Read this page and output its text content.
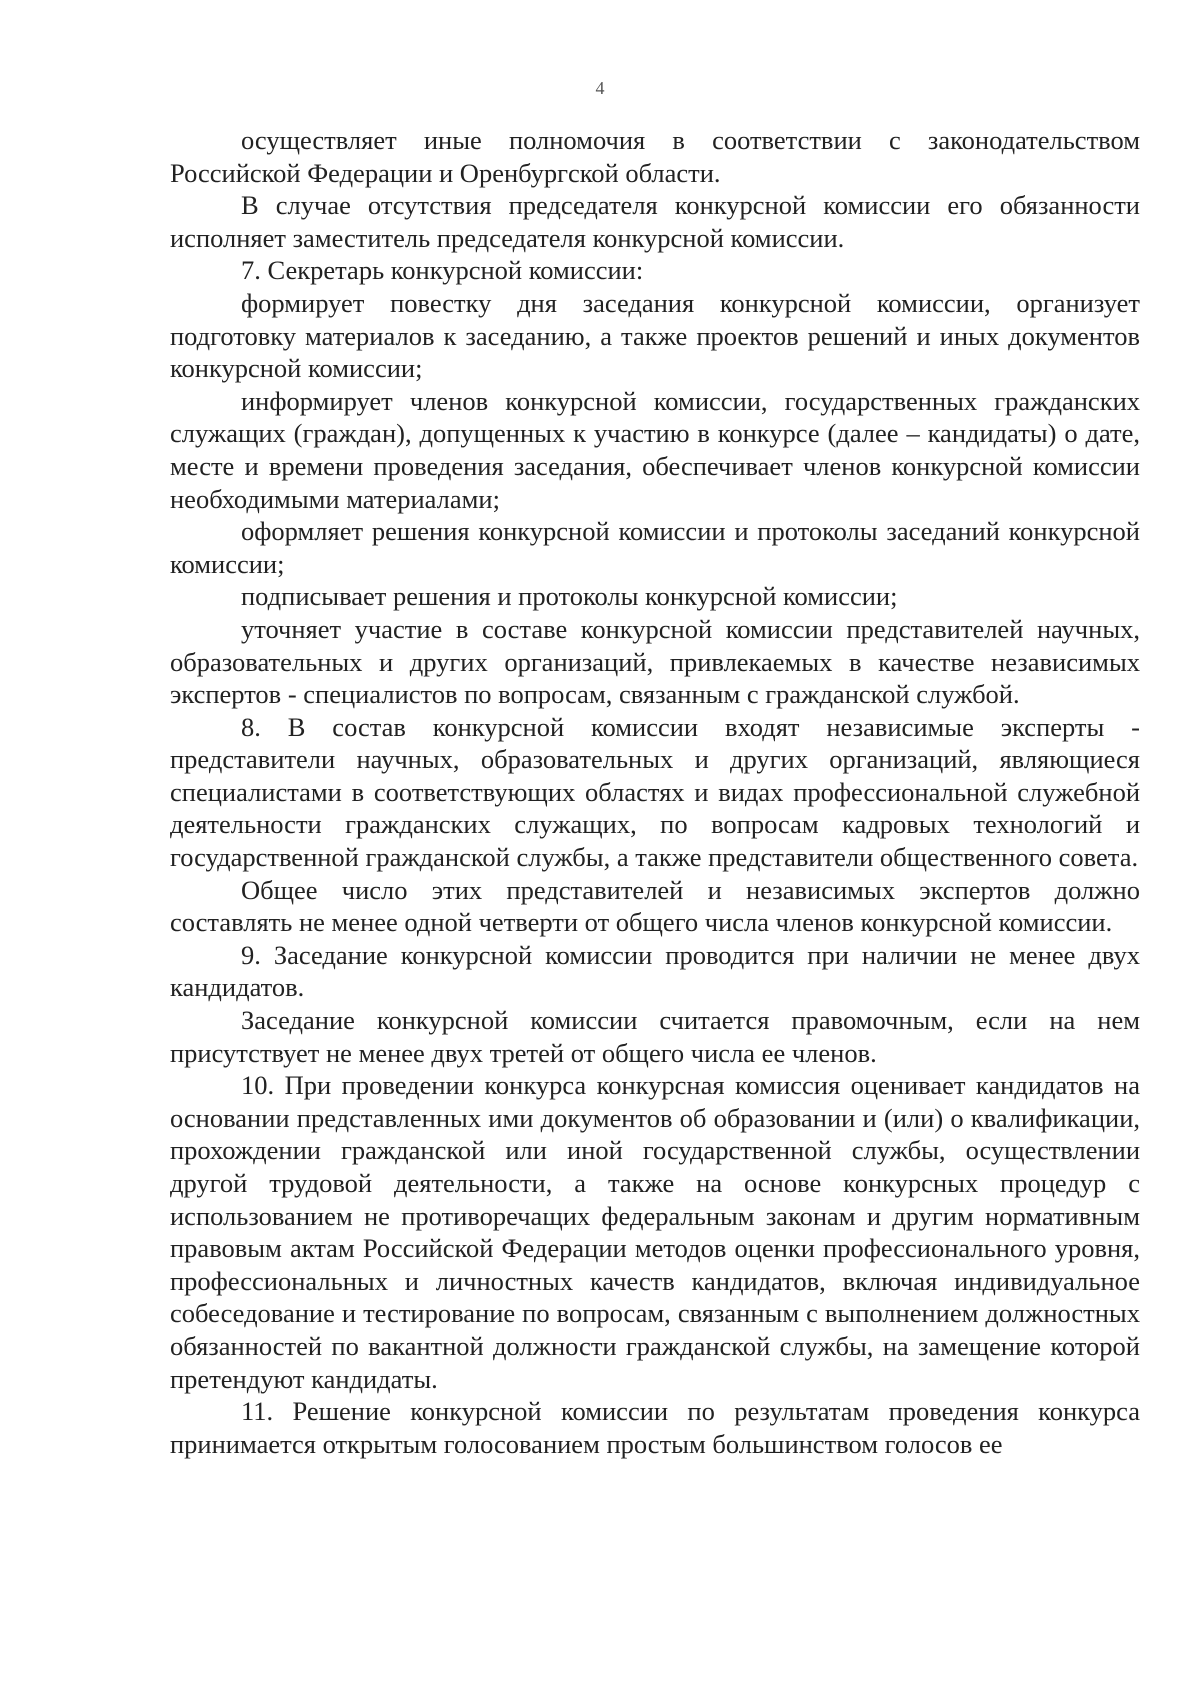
4

осуществляет иные полномочия в соответствии с законодательством Российской Федерации и Оренбургской области.

В случае отсутствия председателя конкурсной комиссии его обязанности исполняет заместитель председателя конкурсной комиссии.

7. Секретарь конкурсной комиссии:

формирует повестку дня заседания конкурсной комиссии, организует подготовку материалов к заседанию, а также проектов решений и иных документов конкурсной комиссии;

информирует членов конкурсной комиссии, государственных гражданских служащих (граждан), допущенных к участию в конкурсе (далее – кандидаты) о дате, месте и времени проведения заседания, обеспечивает членов конкурсной комиссии необходимыми материалами;

оформляет решения конкурсной комиссии и протоколы заседаний конкурсной комиссии;

подписывает решения и протоколы конкурсной комиссии;

уточняет участие в составе конкурсной комиссии представителей научных, образовательных и других организаций, привлекаемых в качестве независимых экспертов - специалистов по вопросам, связанным с гражданской службой.

8. В состав конкурсной комиссии входят независимые эксперты - представители научных, образовательных и других организаций, являющиеся специалистами в соответствующих областях и видах профессиональной служебной деятельности гражданских служащих, по вопросам кадровых технологий и государственной гражданской службы, а также представители общественного совета.

Общее число этих представителей и независимых экспертов должно составлять не менее одной четверти от общего числа членов конкурсной комиссии.

9. Заседание конкурсной комиссии проводится при наличии не менее двух кандидатов.

Заседание конкурсной комиссии считается правомочным, если на нем присутствует не менее двух третей от общего числа ее членов.

10. При проведении конкурса конкурсная комиссия оценивает кандидатов на основании представленных ими документов об образовании и (или) о квалификации, прохождении гражданской или иной государственной службы, осуществлении другой трудовой деятельности, а также на основе конкурсных процедур с использованием не противоречащих федеральным законам и другим нормативным правовым актам Российской Федерации методов оценки профессионального уровня, профессиональных и личностных качеств кандидатов, включая индивидуальное собеседование и тестирование по вопросам, связанным с выполнением должностных обязанностей по вакантной должности гражданской службы, на замещение которой претендуют кандидаты.

11. Решение конкурсной комиссии по результатам проведения конкурса принимается открытым голосованием простым большинством голосов ее
